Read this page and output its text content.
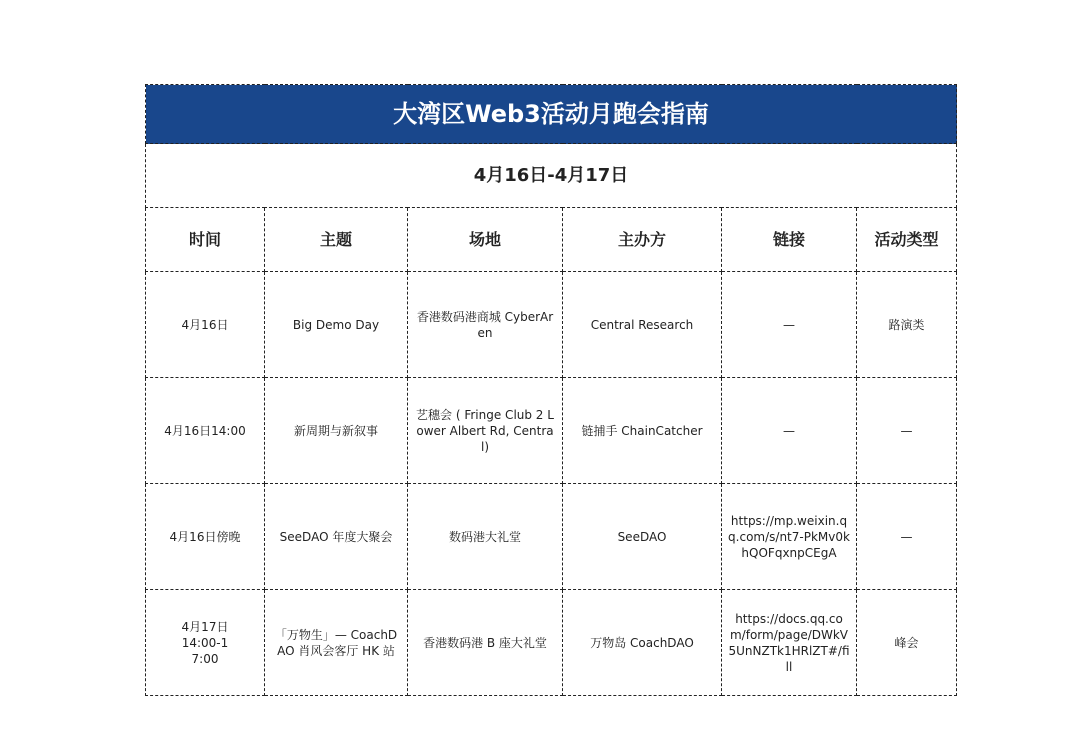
大湾区Web3活动月跑会指南					
4月16日-4月17日					
时间	主题	场地	主办方	链接	活动类型
4月16日	Big Demo Day	香港数码港商城 CyberAren	Central Research	—	路演类
4月16日14:00	新周期与新叙事	艺穗会 ( Fringe Club 2 Lower Albert Rd, Central)	链捕手 ChainCatcher	—	—
4月16日傍晚	SeeDAO 年度大聚会	数码港大礼堂	SeeDAO	https://mp.weixin.qq.com/s/nt7-PkMv0khQOFqxnpCEgA	—
4月17日 14:00-17:00	「万物生」— CoachDAO 肖风会客厅 HK 站	香港数码港 B 座大礼堂	万物岛 CoachDAO	https://docs.qq.com/form/page/DWkV5UnNZTk1HRlZT#/fill	峰会
